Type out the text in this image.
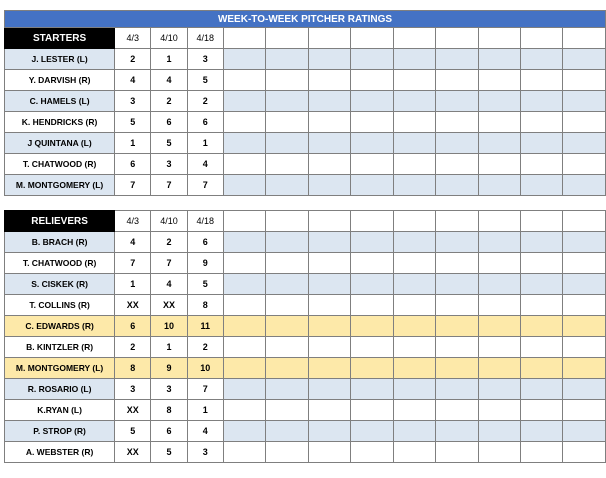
WEEK-TO-WEEK PITCHER RATINGS												
STARTERS	4/3	4/10	4/18									
J. LESTER (L)	2	1	3									
Y. DARVISH (R)	4	4	5									
C. HAMELS (L)	3	2	2									
K. HENDRICKS (R)	5	6	6									
J QUINTANA (L)	1	5	1									
T. CHATWOOD (R)	6	3	4									
M. MONTGOMERY (L)	7	7	7									

RELIEVERS	4/3	4/10	4/18									
B. BRACH (R)	4	2	6									
T. CHATWOOD (R)	7	7	9									
S. CISKEK (R)	1	4	5									
T. COLLINS (R)	XX	XX	8									
C. EDWARDS (R)	6	10	11									
B. KINTZLER (R)	2	1	2									
M. MONTGOMERY (L)	8	9	10									
R. ROSARIO (L)	3	3	7									
K.RYAN (L)	XX	8	1									
P. STROP (R)	5	6	4									
A. WEBSTER (R)	XX	5	3									
